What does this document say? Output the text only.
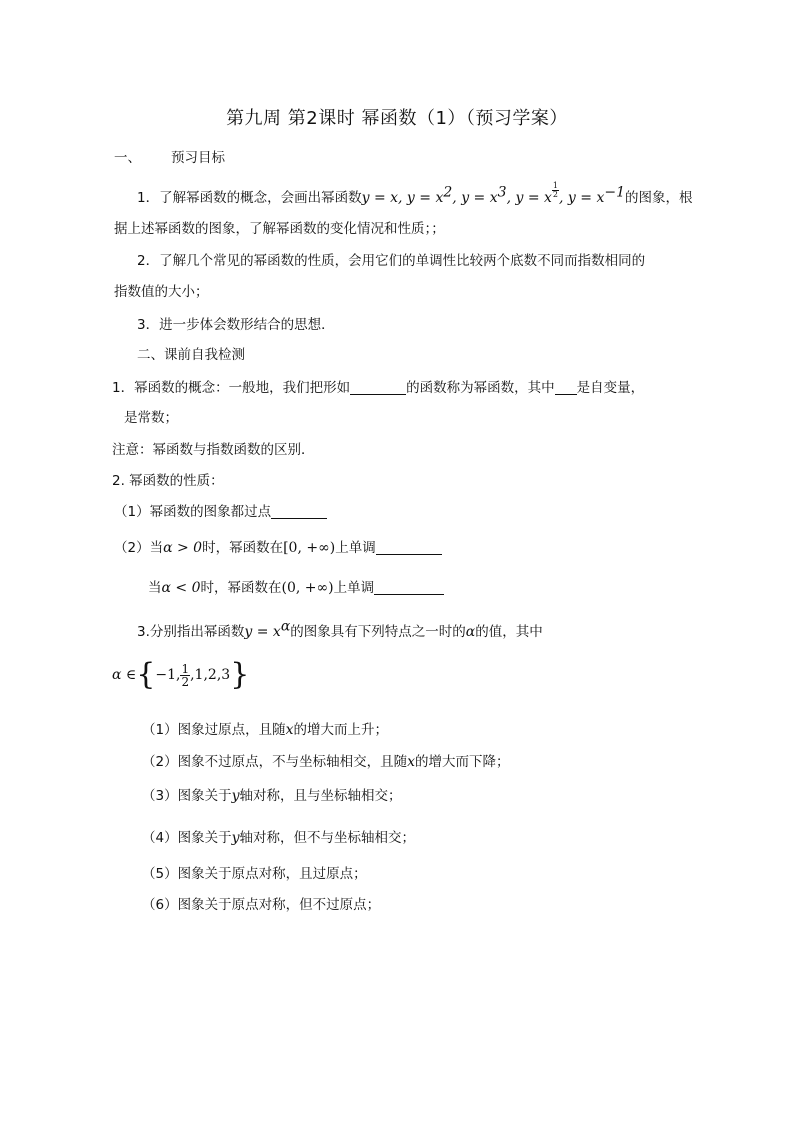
第九周 第2课时 幂函数（1）（预习学案）
一、 预习目标
1．了解幂函数的概念，会画出幂函数y = x, $y = x^2$, $y = x^3$, y = x $\frac{1}{2}$ , $y = x^{-1}$的图象，根
据上述幂函数的图象，了解幂函数的变化情况和性质；；
2．了解几个常见的幂函数的性质，会用它们的单调性比较两个底数不同而指数相同的
指数值的大小；
3．进一步体会数形结合的思想．
二、课前自我检测
1．幂函数的概念：一般地，我们把形如	的函数称为幂函数，其中 是自变量，
是常数；
注意：幂函数与指数函数的区别．
2. 幂函数的性质：
（1）幂函数的图象都过点
（2）当α > 0时，幂函数在[0, +∞)上单调
当α < 0时，幂函数在(0, +∞)上单调
3.分别指出幂函数$y = x^\alpha$的图象具有下列特点之一时的α的值，其中
α ∈ { −1, $\frac{1}{2} ,1,2,3$ }
（1）图象过原点，且随x的增大而上升；
（2）图象不过原点，不与坐标轴相交，且随x的增大而下降；
（3）图象关于y轴对称，且与坐标轴相交；
（4）图象关于y轴对称，但不与坐标轴相交；
（5）图象关于原点对称，且过原点；
（6）图象关于原点对称，但不过原点；
